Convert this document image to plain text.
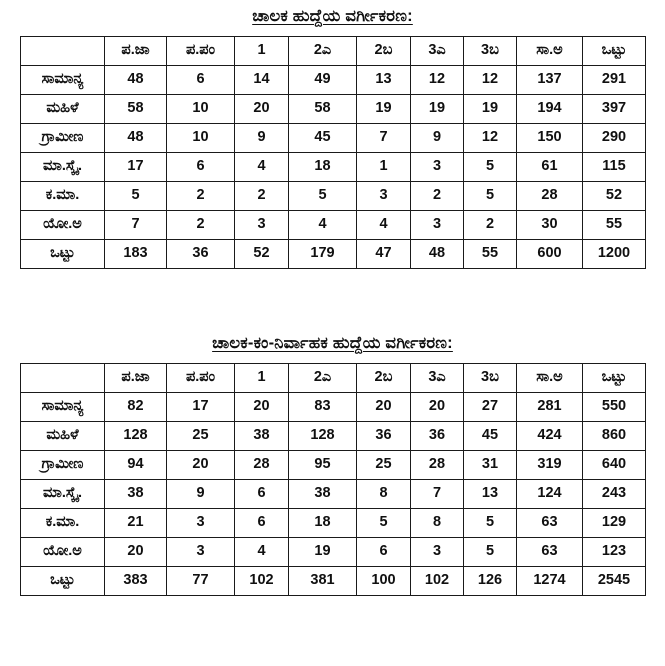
ಚಾಲಕ ಹುದ್ದೆಯ ವರ್ಗೀಕರಣ:
	ಪ.ಜಾ	ಪ.ಪಂ	1	2ಎ	2ಬ	3ಎ	3ಬ	ಸಾ.ಅ	ಒಟ್ಟು
ಸಾಮಾನ್ಯ	48	6	14	49	13	12	12	137	291
ಮಹಿಳೆ	58	10	20	58	19	19	19	194	397
ಗ್ರಾಮೀಣ	48	10	9	45	7	9	12	150	290
ಮಾ.ಸ್ಕೈ.	17	6	4	18	1	3	5	61	115
ಕ.ಮಾ.	5	2	2	5	3	2	5	28	52
ಯೋ.ಅ	7	2	3	4	4	3	2	30	55
ಒಟ್ಟು	183	36	52	179	47	48	55	600	1200
ಚಾಲಕ-ಕಂ-ನಿರ್ವಾಹಕ ಹುದ್ದೆಯ ವರ್ಗೀಕರಣ:
	ಪ.ಜಾ	ಪ.ಪಂ	1	2ಎ	2ಬ	3ಎ	3ಬ	ಸಾ.ಅ	ಒಟ್ಟು
ಸಾಮಾನ್ಯ	82	17	20	83	20	20	27	281	550
ಮಹಿಳೆ	128	25	38	128	36	36	45	424	860
ಗ್ರಾಮೀಣ	94	20	28	95	25	28	31	319	640
ಮಾ.ಸ್ಕೈ.	38	9	6	38	8	7	13	124	243
ಕ.ಮಾ.	21	3	6	18	5	8	5	63	129
ಯೋ.ಅ	20	3	4	19	6	3	5	63	123
ಒಟ್ಟು	383	77	102	381	100	102	126	1274	2545
